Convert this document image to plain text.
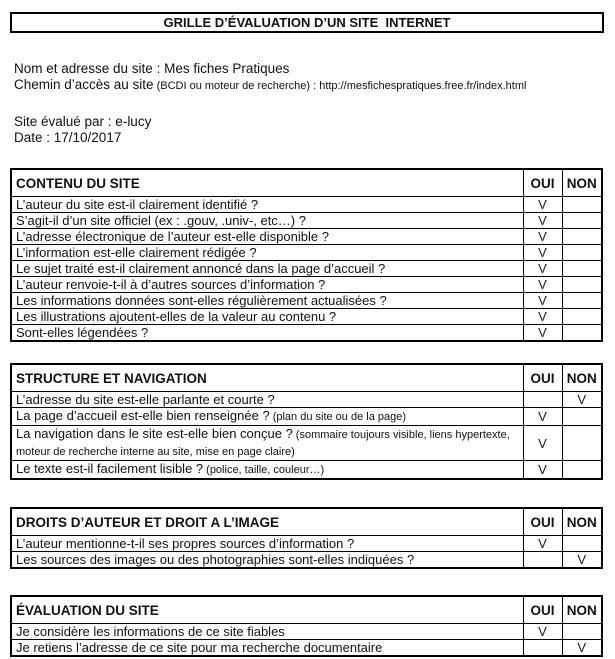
GRILLE D’ÉVALUATION D’UN SITE  INTERNET
Nom et adresse du site : Mes fiches Pratiques
Chemin d’accès au site (BCDI ou moteur de recherche) : http://mesfichespratiques.free.fr/index.html
Site évalué par : e-lucy
Date : 17/10/2017
CONTENU DU SITE	OUI	NON
L’auteur du site est-il clairement identifié ?	V	
S’agit-il d’un site officiel (ex : .gouv, .univ-, etc…) ?	V	
L’adresse électronique de l’auteur est-elle disponible ?	V	
L’information est-elle clairement rédigée ?	V	
Le sujet traité est-il clairement annoncé dans la page d’accueil ?	V	
L’auteur renvoie-t-il à d’autres sources d’information ?	V	
Les informations données sont-elles régulièrement actualisées ?	V	
Les illustrations ajoutent-elles de la valeur au contenu ?	V	
Sont-elles légendées ?	V	
STRUCTURE ET NAVIGATION	OUI	NON
L’adresse du site est-elle parlante et courte ?		V
La page d’accueil est-elle bien renseignée ? (plan du site ou de la page)	V	
La navigation dans le site est-elle bien conçue ? (sommaire toujours visible, liens hypertexte, moteur de recherche interne au site, mise en page claire)	V	
Le texte est-il facilement lisible ? (police, taille, couleur…)	V	
DROITS D’AUTEUR ET DROIT A L’IMAGE	OUI	NON
L’auteur mentionne-t-il ses propres sources d’information ?	V	
Les sources des images ou des photographies sont-elles indiquées ?		V
ÉVALUATION DU SITE	OUI	NON
Je considère les informations de ce site fiables	V	
Je retiens l’adresse de ce site pour ma recherche documentaire		V
